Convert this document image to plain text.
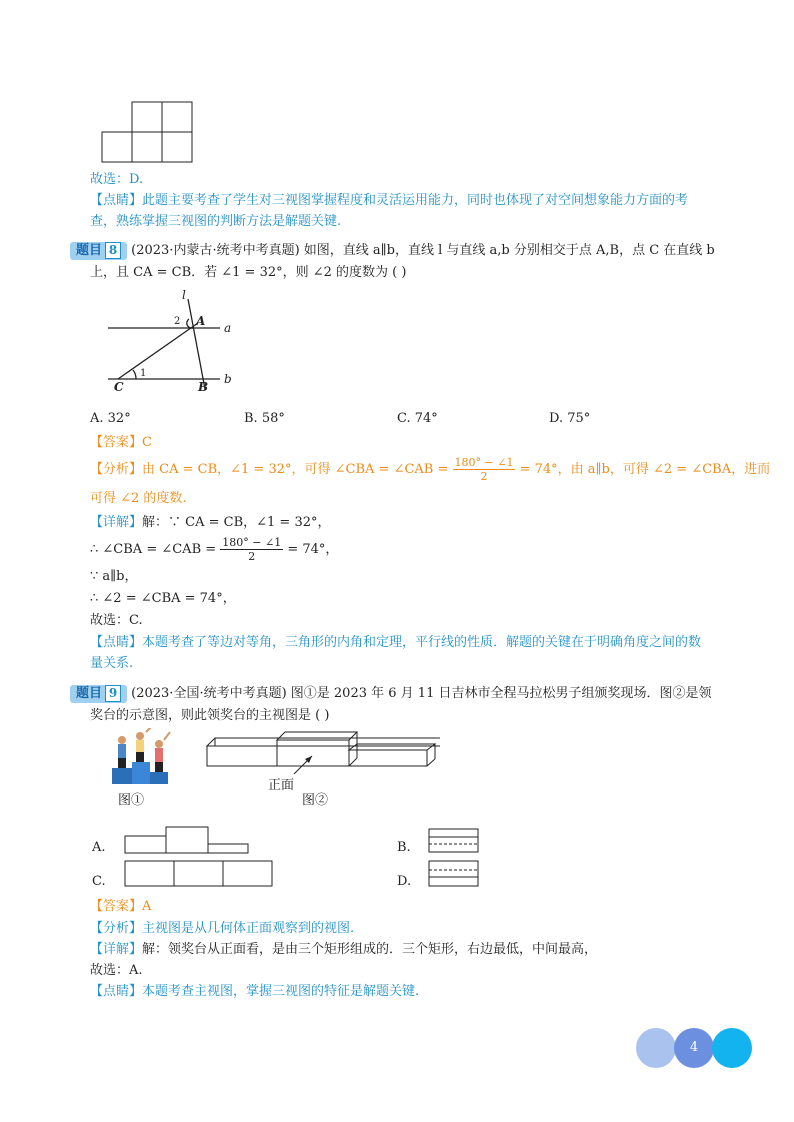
故选：D.
【点睛】此题主要考查了学生对三视图掌握程度和灵活运用能力，同时也体现了对空间想象能力方面的考
查，熟练掌握三视图的判断方法是解题关键.
题目 8 (2023·内蒙古·统考中考真题) 如图，直线 a∥b，直线 l 与直线 a,b 分别相交于点 A,B，点 C 在直线 b
上，且 CA = CB．若 ∠1 = 32°，则 ∠2 的度数为 ( )
l
a
b
A
B
C
1
2
A. 32°	B. 58°	C. 74°	D. 75°
【答案】C
【分析】由 CA = CB，∠1 = 32°，可得 ∠CBA = ∠CAB = $\frac{180^\circ - \angle 1}{2} = 74^\circ$，由 a∥b，可得 ∠2 = ∠CBA，进而
可得 ∠2 的度数.
【详解】解：∵ CA = CB，∠1 = 32°，
∴ ∠CBA = ∠CAB = $\frac{180^\circ - \angle 1}{2} = 74^\circ$，
∵ a∥b，
∴ ∠2 = ∠CBA = 74°，
故选：C.
【点睛】本题考查了等边对等角，三角形的内角和定理，平行线的性质．解题的关键在于明确角度之间的数
量关系.
题目 9 (2023·全国·统考中考真题) 图①是 2023 年 6 月 11 日吉林市全程马拉松男子组颁奖现场．图②是领
奖台的示意图，则此领奖台的主视图是 ( )
图①
正面
图②
A.	B.
C.	D.
【答案】A
【分析】主视图是从几何体正面观察到的视图.
【详解】解：领奖台从正面看，是由三个矩形组成的．三个矩形，右边最低，中间最高，
故选：A.
【点睛】本题考查主视图，掌握三视图的特征是解题关键.
4
